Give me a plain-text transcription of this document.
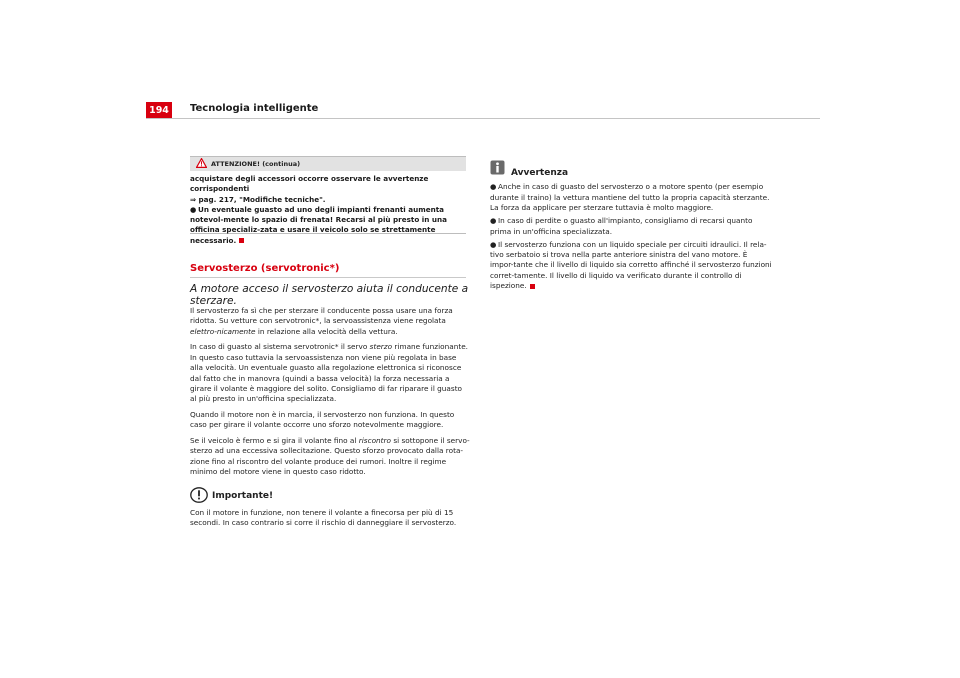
194	Tecnologia intelligente
ATTENZIONE! (continua)
acquistare degli accessori occorre osservare le avvertenze corrispondenti
⇒ pag. 217, "Modifiche tecniche".
● Un eventuale guasto ad uno degli impianti frenanti aumenta notevol-mente lo spazio di frenata! Recarsi al più presto in una officina specializ-zata e usare il veicolo solo se strettamente necessario.
Servosterzo (servotronic*)
A motore acceso il servosterzo aiuta il conducente a sterzare.

Il servosterzo fa sì che per sterzare il conducente possa usare una forza ridotta. Su vetture con servotronic*, la servoassistenza viene regolata elettro-nicamente in relazione alla velocità della vettura.

In caso di guasto al sistema servotronic* il servo sterzo rimane funzionante. In questo caso tuttavia la servoassistenza non viene più regolata in base alla velocità. Un eventuale guasto alla regolazione elettronica si riconosce dal fatto che in manovra (quindi a bassa velocità) la forza necessaria a girare il volante è maggiore del solito. Consigliamo di far riparare il guasto al più presto in un'officina specializzata.

Quando il motore non è in marcia, il servosterzo non funziona. In questo caso per girare il volante occorre uno sforzo notevolmente maggiore.

Se il veicolo è fermo e si gira il volante fino al riscontro si sottopone il servo-sterzo ad una eccessiva sollecitazione. Questo sforzo provocato dalla rota-zione fino al riscontro del volante produce dei rumori. Inoltre il regime minimo del motore viene in questo caso ridotto.

Importante!

Con il motore in funzione, non tenere il volante a finecorsa per più di 15 secondi. In caso contrario si corre il rischio di danneggiare il servosterzo.

Avvertenza

● Anche in caso di guasto del servosterzo o a motore spento (per esempio durante il traino) la vettura mantiene del tutto la propria capacità sterzante. La forza da applicare per sterzare tuttavia è molto maggiore.

● In caso di perdite o guasto all'impianto, consigliamo di recarsi quanto prima in un'officina specializzata.

● Il servosterzo funziona con un liquido speciale per circuiti idraulici. Il rela-tivo serbatoio si trova nella parte anteriore sinistra del vano motore. È impor-tante che il livello di liquido sia corretto affinché il servosterzo funzioni corret-tamente. Il livello di liquido va verificato durante il controllo di ispezione.
